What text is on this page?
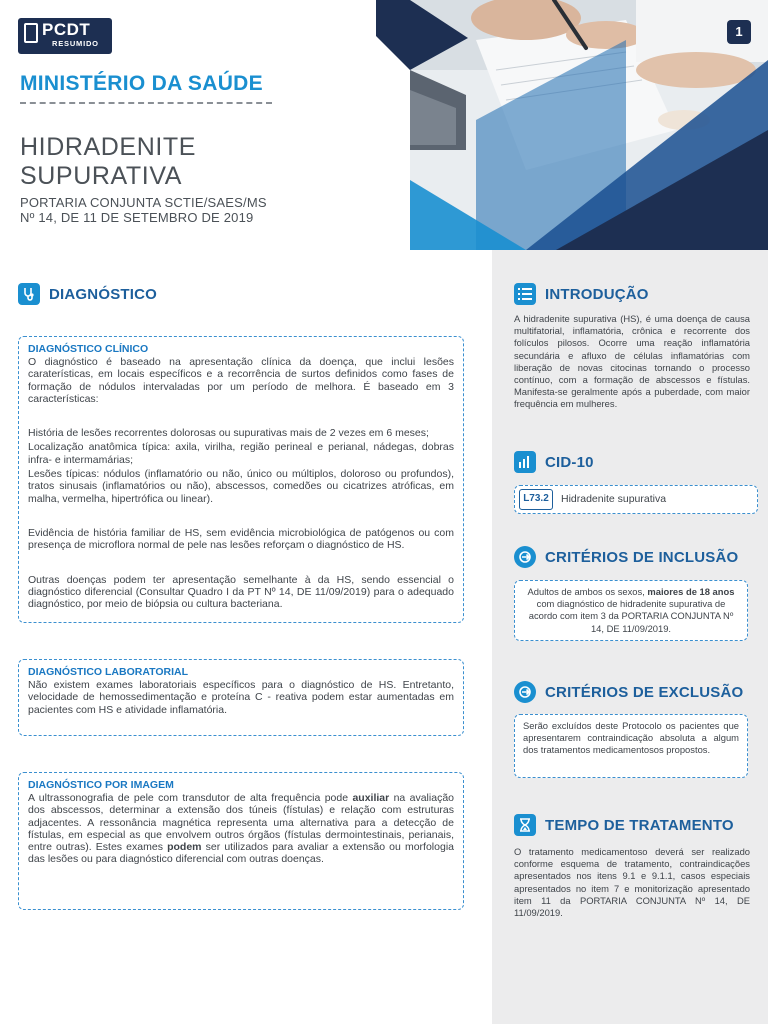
PCDT
RESUMIDO
MINISTÉRIO DA SAÚDE
HIDRADENITE
SUPURATIVA
PORTARIA CONJUNTA SCTIE/SAES/MS
Nº 14, DE 11 DE SETEMBRO DE 2019
1
DIAGNÓSTICO
DIAGNÓSTICO CLÍNICO
O diagnóstico é baseado na apresentação clínica da doença, que inclui lesões caraterísticas, em locais específicos e a recorrência de surtos definidos como fases de formação de nódulos intervaladas por um período de melhora. É baseado em 3 características:
História de lesões recorrentes dolorosas ou supurativas mais de 2 vezes em 6 meses;
Localização anatômica típica: axila, virilha, região perineal e perianal, nádegas, dobras infra- e intermamárias;
Lesões típicas: nódulos (inflamatório ou não, único ou múltiplos, doloroso ou profundos), tratos sinusais (inflamatórios ou não), abscessos, comedões ou cicatrizes atróficas, em malha, vermelha, hipertrófica ou linear).
Evidência de história familiar de HS, sem evidência microbiológica de patógenos ou com presença de microflora normal de pele nas lesões reforçam o diagnóstico de HS.
Outras doenças podem ter apresentação semelhante à da HS, sendo essencial o diagnóstico diferencial (Consultar Quadro I da PT Nº 14, DE 11/09/2019) para o adequado diagnóstico, por meio de biópsia ou cultura bacteriana.
DIAGNÓSTICO LABORATORIAL
Não existem exames laboratoriais específicos para o diagnóstico de HS. Entretanto, velocidade de hemossedimentação e proteína C - reativa podem estar aumentadas em pacientes com HS e atividade inflamatória.
DIAGNÓSTICO POR IMAGEM
A ultrassonografia de pele com transdutor de alta frequência pode auxiliar na avaliação dos abscessos, determinar a extensão dos túneis (fístulas) e relação com estruturas adjacentes. A ressonância magnética representa uma alternativa para a detecção de fístulas, em especial as que envolvem outros órgãos (fístulas dermointestinais, perianais, entre outras). Estes exames podem ser utilizados para avaliar a extensão ou morfologia das lesões ou para diagnóstico diferencial com outras doenças.
INTRODUÇÃO
A hidradenite supurativa (HS), é uma doença de causa multifatorial, inflamatória, crônica e recorrente dos folículos pilosos. Ocorre uma reação inflamatória secundária e afluxo de células inflamatórias com liberação de novas citocinas tornando o processo contínuo, com a formação de abscessos e fístulas. Manifesta-se geralmente após a puberdade, com maior frequência em mulheres.
CID-10
L73.2	Hidradenite supurativa
CRITÉRIOS DE INCLUSÃO
Adultos de ambos os sexos, maiores de 18 anos com diagnóstico de hidradenite supurativa de acordo com item 3 da PORTARIA CONJUNTA Nº 14, DE 11/09/2019.
CRITÉRIOS DE EXCLUSÃO
Serão excluídos deste Protocolo os pacientes que apresentarem contraindicação absoluta a algum dos tratamentos medicamentosos propostos.
TEMPO DE TRATAMENTO
O tratamento medicamentoso deverá ser realizado conforme esquema de tratamento, contraindicações apresentados nos itens 9.1 e 9.1.1, casos especiais apresentados no item 7 e monitorização apresentado item 11 da PORTARIA CONJUNTA Nº 14, DE 11/09/2019.
